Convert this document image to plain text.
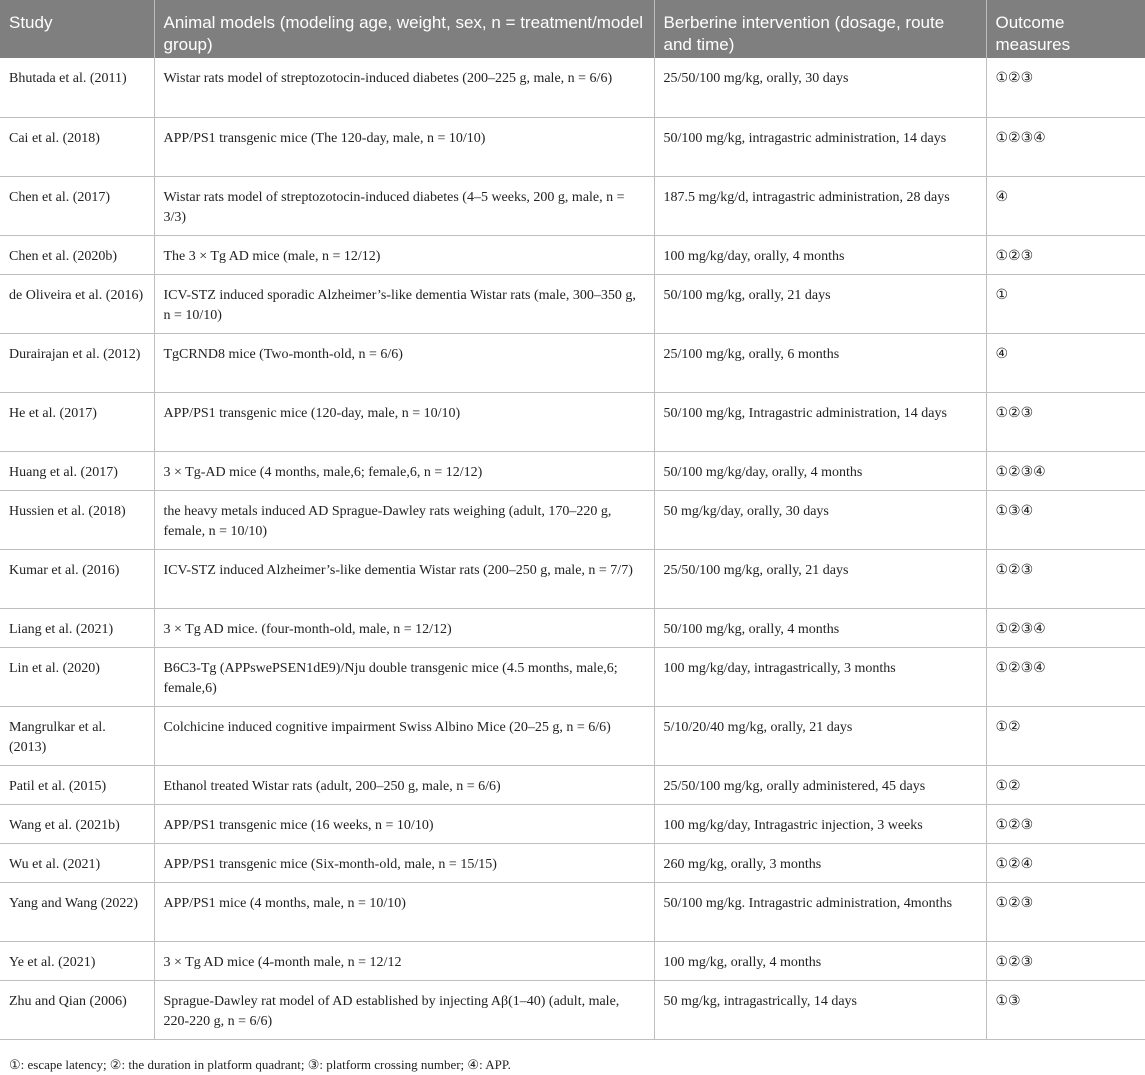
Study	Animal models (modeling age, weight, sex, n = treatment/model group)	Berberine intervention (dosage, route and time)	Outcome measures
Bhutada et al. (2011)	Wistar rats model of streptozotocin-induced diabetes (200–225 g, male, n = 6/6)	25/50/100 mg/kg, orally, 30 days	①②③
Cai et al. (2018)	APP/PS1 transgenic mice (The 120-day, male, n = 10/10)	50/100 mg/kg, intragastric administration, 14 days	①②③④
Chen et al. (2017)	Wistar rats model of streptozotocin-induced diabetes (4–5 weeks, 200 g, male, n = 3/3)	187.5 mg/kg/d, intragastric administration, 28 days	④
Chen et al. (2020b)	The 3 × Tg AD mice (male, n = 12/12)	100 mg/kg/day, orally, 4 months	①②③
de Oliveira et al. (2016)	ICV-STZ induced sporadic Alzheimer’s-like dementia Wistar rats (male, 300–350 g, n = 10/10)	50/100 mg/kg, orally, 21 days	①
Durairajan et al. (2012)	TgCRND8 mice (Two-month-old, n = 6/6)	25/100 mg/kg, orally, 6 months	④
He et al. (2017)	APP/PS1 transgenic mice (120-day, male, n = 10/10)	50/100 mg/kg, Intragastric administration, 14 days	①②③
Huang et al. (2017)	3 × Tg-AD mice (4 months, male,6; female,6, n = 12/12)	50/100 mg/kg/day, orally, 4 months	①②③④
Hussien et al. (2018)	the heavy metals induced AD Sprague-Dawley rats weighing (adult, 170–220 g, female, n = 10/10)	50 mg/kg/day, orally, 30 days	①③④
Kumar et al. (2016)	ICV-STZ induced Alzheimer’s-like dementia Wistar rats (200–250 g, male, n = 7/7)	25/50/100 mg/kg, orally, 21 days	①②③
Liang et al. (2021)	3 × Tg AD mice. (four-month-old, male, n = 12/12)	50/100 mg/kg, orally, 4 months	①②③④
Lin et al. (2020)	B6C3-Tg (APPswePSEN1dE9)/Nju double transgenic mice (4.5 months, male,6; female,6)	100 mg/kg/day, intragastrically, 3 months	①②③④
Mangrulkar et al. (2013)	Colchicine induced cognitive impairment Swiss Albino Mice (20–25 g, n = 6/6)	5/10/20/40 mg/kg, orally, 21 days	①②
Patil et al. (2015)	Ethanol treated Wistar rats (adult, 200–250 g, male, n = 6/6)	25/50/100 mg/kg, orally administered, 45 days	①②
Wang et al. (2021b)	APP/PS1 transgenic mice (16 weeks, n = 10/10)	100 mg/kg/day, Intragastric injection, 3 weeks	①②③
Wu et al. (2021)	APP/PS1 transgenic mice (Six-month-old, male, n = 15/15)	260 mg/kg, orally, 3 months	①②④
Yang and Wang (2022)	APP/PS1 mice (4 months, male, n = 10/10)	50/100 mg/kg. Intragastric administration, 4months	①②③
Ye et al. (2021)	3 × Tg AD mice (4-month male, n = 12/12	100 mg/kg, orally, 4 months	①②③
Zhu and Qian (2006)	Sprague-Dawley rat model of AD established by injecting Aβ(1–40) (adult, male, 220-220 g, n = 6/6)	50 mg/kg, intragastrically, 14 days	①③
①: escape latency; ②: the duration in platform quadrant; ③: platform crossing number; ④: APP.
